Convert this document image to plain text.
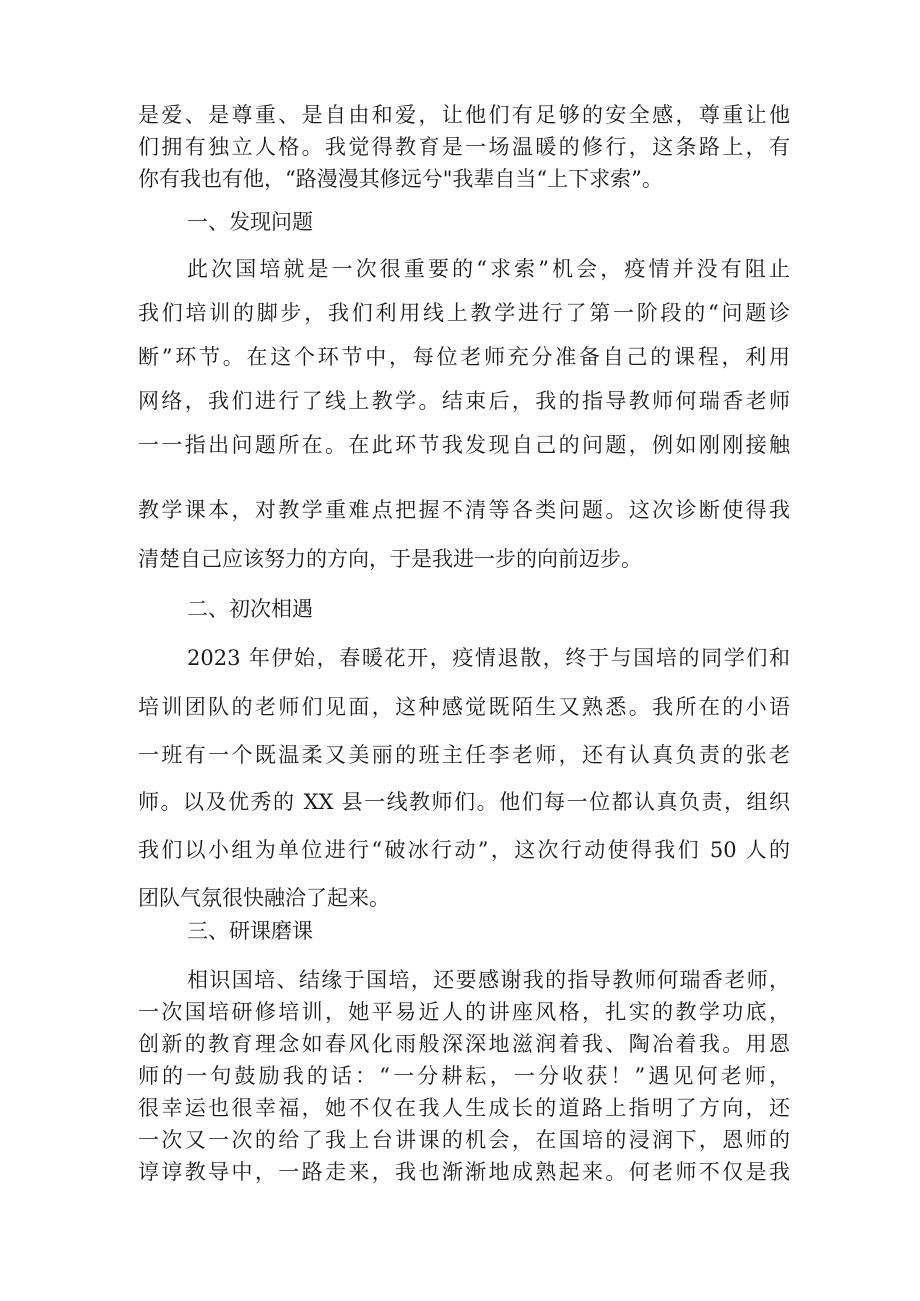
是爱、是尊重、是自由和爱，让他们有足够的安全感，尊重让他

们拥有独立人格。我觉得教育是一场温暖的修行，这条路上，有

你有我也有他，“路漫漫其修远兮"我辈自当“上下求索”。

一、发现问题

此次国培就是一次很重要的“求索”机会，疫情并没有阻止

我们培训的脚步，我们利用线上教学进行了第一阶段的“问题诊

断”环节。在这个环节中，每位老师充分准备自己的课程，利用

网络，我们进行了线上教学。结束后，我的指导教师何瑞香老师

一一指出问题所在。在此环节我发现自己的问题，例如刚刚接触

教学课本，对教学重难点把握不清等各类问题。这次诊断使得我

清楚自己应该努力的方向，于是我进一步的向前迈步。

二、初次相遇

2023 年伊始，春暖花开，疫情退散，终于与国培的同学们和

培训团队的老师们见面，这种感觉既陌生又熟悉。我所在的小语

一班有一个既温柔又美丽的班主任李老师，还有认真负责的张老

师。以及优秀的 XX 县一线教师们。他们每一位都认真负责，组织

我们以小组为单位进行“破冰行动”，这次行动使得我们 50 人的

团队气氛很快融洽了起来。

三、研课磨课

相识国培、结缘于国培，还要感谢我的指导教师何瑞香老师，

一次国培研修培训，她平易近人的讲座风格，扎实的教学功底，

创新的教育理念如春风化雨般深深地滋润着我、陶冶着我。用恩

师的一句鼓励我的话：“一分耕耘，一分收获！”遇见何老师，

很幸运也很幸福，她不仅在我人生成长的道路上指明了方向，还

一次又一次的给了我上台讲课的机会，在国培的浸润下，恩师的

谆谆教导中，一路走来，我也渐渐地成熟起来。何老师不仅是我
